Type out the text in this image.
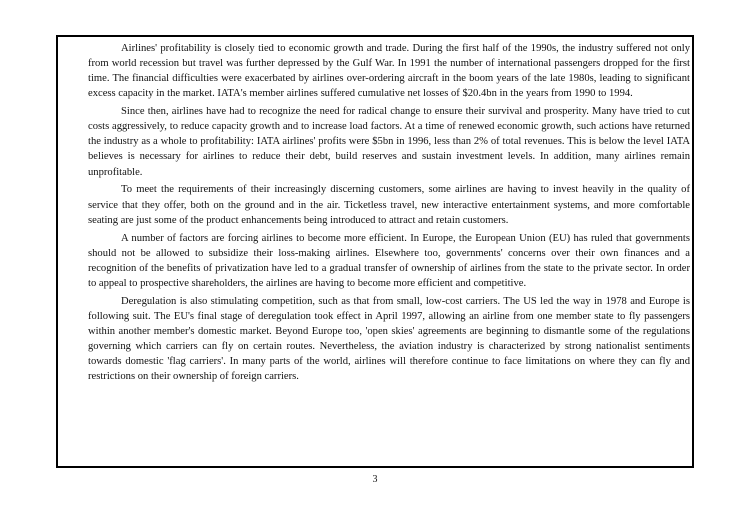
Airlines' profitability is closely tied to economic growth and trade. During the first half of the 1990s, the industry suffered not only from world recession but travel was further depressed by the Gulf War. In 1991 the number of international passengers dropped for the first time. The financial difficulties were exacerbated by airlines over-ordering aircraft in the boom years of the late 1980s, leading to significant excess capacity in the market. IATA's member airlines suffered cumulative net losses of $20.4bn in the years from 1990 to 1994.

Since then, airlines have had to recognize the need for radical change to ensure their survival and prosperity. Many have tried to cut costs aggressively, to reduce capacity growth and to increase load factors. At a time of renewed economic growth, such actions have returned the industry as a whole to profitability: IATA airlines' profits were $5bn in 1996, less than 2% of total revenues. This is below the level IATA believes is necessary for airlines to reduce their debt, build reserves and sustain investment levels. In addition, many airlines remain unprofitable.

To meet the requirements of their increasingly discerning customers, some airlines are having to invest heavily in the quality of service that they offer, both on the ground and in the air. Ticketless travel, new interactive entertainment systems, and more comfortable seating are just some of the product enhancements being introduced to attract and retain customers.

A number of factors are forcing airlines to become more efficient. In Europe, the European Union (EU) has ruled that governments should not be allowed to subsidize their loss-making airlines. Elsewhere too, governments' concerns over their own finances and a recognition of the benefits of privatization have led to a gradual transfer of ownership of airlines from the state to the private sector. In order to appeal to prospective shareholders, the airlines are having to become more efficient and competitive.

Deregulation is also stimulating competition, such as that from small, low-cost carriers. The US led the way in 1978 and Europe is following suit. The EU's final stage of deregulation took effect in April 1997, allowing an airline from one member state to fly passengers within another member's domestic market. Beyond Europe too, 'open skies' agreements are beginning to dismantle some of the regulations governing which carriers can fly on certain routes. Nevertheless, the aviation industry is characterized by strong nationalist sentiments towards domestic 'flag carriers'. In many parts of the world, airlines will therefore continue to face limitations on where they can fly and restrictions on their ownership of foreign carriers.

3
